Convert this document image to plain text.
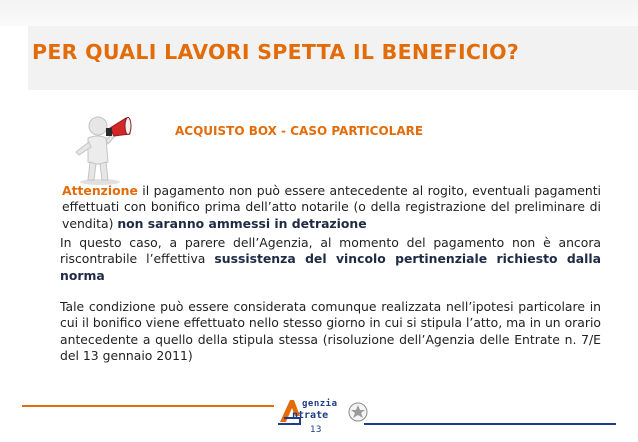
PER QUALI LAVORI SPETTA IL BENEFICIO?

ACQUISTO BOX - CASO PARTICOLARE

Attenzione il pagamento non può essere antecedente al rogito, eventuali pagamenti effettuati con bonifico prima dell’atto notarile (o della registrazione del preliminare di vendita) non saranno ammessi in detrazione

In questo caso, a parere dell’Agenzia, al momento del pagamento non è ancora riscontrabile l’effettiva sussistenza del vincolo pertinenziale richiesto dalla norma

Tale condizione può essere considerata comunque realizzata nell’ipotesi particolare in cui il bonifico viene effettuato nello stesso giorno in cui si stipula l’atto, ma in un orario antecedente a quello della stipula stessa (risoluzione dell’Agenzia delle Entrate n. 7/E del 13 gennaio 2011)

genzia

ntrate

13
